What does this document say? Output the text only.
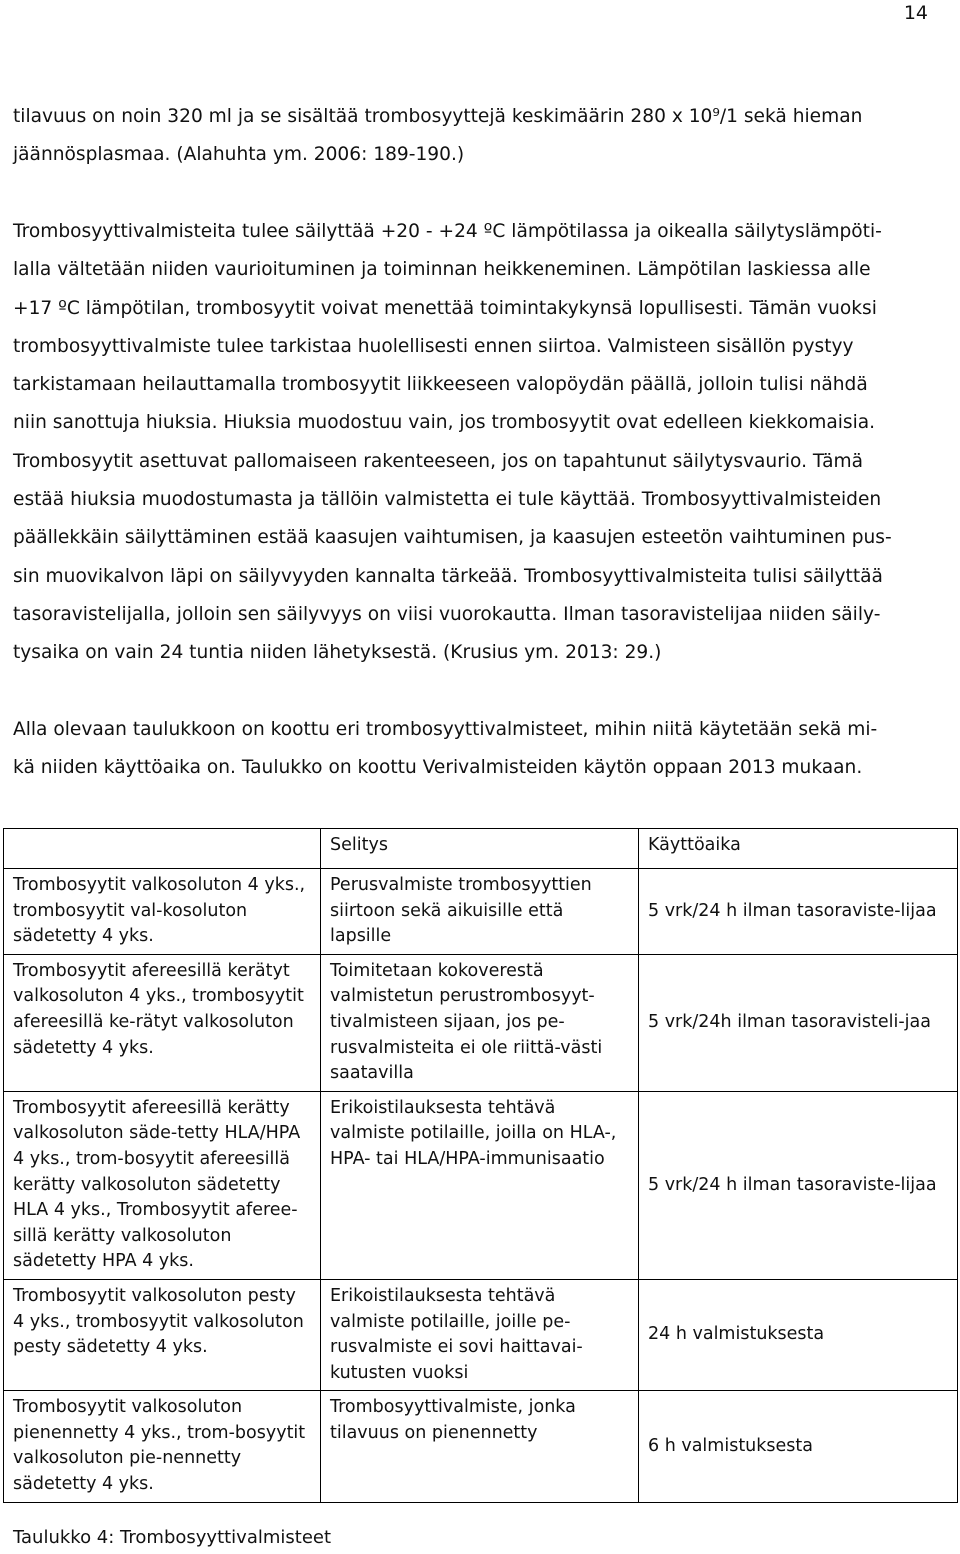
14

tilavuus on noin 320 ml ja se sisältää trombosyyttejä keskimäärin 280 x 10⁹/1 sekä hieman
jäännösplasmaa. (Alahuhta ym. 2006: 189-190.)

Trombosyyttivalmisteita tulee säilyttää +20 - +24 ºC lämpötilassa ja oikealla säilytyslämpöti-
lalla vältetään niiden vaurioituminen ja toiminnan heikkeneminen. Lämpötilan laskiessa alle
+17 ºC lämpötilan, trombosyytit voivat menettää toimintakykynsä lopullisesti. Tämän vuoksi
trombosyyttivalmiste tulee tarkistaa huolellisesti ennen siirtoa. Valmisteen sisällön pystyy
tarkistamaan heilauttamalla trombosyytit liikkeeseen valopöydän päällä, jolloin tulisi nähdä
niin sanottuja hiuksia. Hiuksia muodostuu vain, jos trombosyytit ovat edelleen kiekkomaisia.
Trombosyytit asettuvat pallomaiseen rakenteeseen, jos on tapahtunut säilytysvaurio. Tämä
estää hiuksia muodostumasta ja tällöin valmistetta ei tule käyttää. Trombosyyttivalmisteiden
päällekkäin säilyttäminen estää kaasujen vaihtumisen, ja kaasujen esteetön vaihtuminen pus-
sin muovikalvon läpi on säilyvyyden kannalta tärkeää. Trombosyyttivalmisteita tulisi säilyttää
tasoravistelijalla, jolloin sen säilyvyys on viisi vuorokautta. Ilman tasoravistelijaa niiden säily-
tysaika on vain 24 tuntia niiden lähetyksestä. (Krusius ym. 2013: 29.)

Alla olevaan taulukkoon on koottu eri trombosyyttivalmisteet, mihin niitä käytetään sekä mi-
kä niiden käyttöaika on. Taulukko on koottu Verivalmisteiden käytön oppaan 2013 mukaan.

	Selitys	Käyttöaika
Trombosyytit valkosoluton 4 yks., trombosyytit val-kosoluton sädetetty 4 yks.	Perusvalmiste trombosyyttien siirtoon sekä aikuisille että lapsille	5 vrk/24 h ilman tasoraviste-lijaa
Trombosyytit afereesillä kerätyt valkosoluton 4 yks., trombosyytit afereesillä ke-rätyt valkosoluton sädetetty 4 yks.	Toimitetaan kokoverestä valmistetun perustrombosyyt-tivalmisteen sijaan, jos pe-rusvalmisteita ei ole riittä-västi saatavilla	5 vrk/24h ilman tasoravisteli-jaa
Trombosyytit afereesillä kerätty valkosoluton säde-tetty HLA/HPA 4 yks., trom-bosyytit afereesillä kerätty valkosoluton sädetetty HLA 4 yks., Trombosyytit aferee-sillä kerätty valkosoluton sädetetty HPA 4 yks.	Erikoistilauksesta tehtävä valmiste potilaille, joilla on HLA-, HPA- tai HLA/HPA-immunisaatio	5 vrk/24 h ilman tasoraviste-lijaa
Trombosyytit valkosoluton pesty 4 yks., trombosyytit valkosoluton pesty sädetetty 4 yks.	Erikoistilauksesta tehtävä valmiste potilaille, joille pe-rusvalmiste ei sovi haittavai-kutusten vuoksi	24 h valmistuksesta
Trombosyytit valkosoluton pienennetty 4 yks., trom-bosyytit valkosoluton pie-nennetty sädetetty 4 yks.	Trombosyyttivalmiste, jonka tilavuus on pienennetty	6 h valmistuksesta
Taulukko 4: Trombosyyttivalmisteet
